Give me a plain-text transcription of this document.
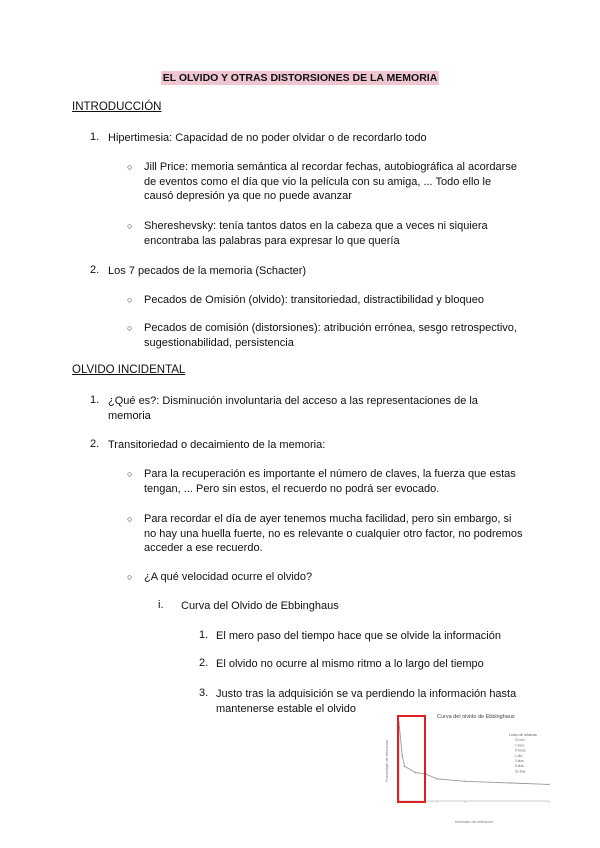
EL OLVIDO Y OTRAS DISTORSIONES DE LA MEMORIA
INTRODUCCIÓN
1. Hipertimesia: Capacidad de no poder olvidar o de recordarlo todo
○ Jill Price: memoria semántica al recordar fechas, autobiográfica al acordarse
de eventos como el día que vio la película con su amiga, ... Todo ello le
causó depresión ya que no puede avanzar
○ Shereshevsky: tenía tantos datos en la cabeza que a veces ni siquiera
encontraba las palabras para expresar lo que quería
2. Los 7 pecados de la memoria (Schacter)
○ Pecados de Omisión (olvido): transitoriedad, distractibilidad y bloqueo
○ Pecados de comisión (distorsiones): atribución errónea, sesgo retrospectivo,
sugestionabilidad, persistencia
OLVIDO INCIDENTAL
1. ¿Qué es?: Disminución involuntaria del acceso a las representaciones de la
memoria
2. Transitoriedad o decaimiento de la memoria:
○ Para la recuperación es importante el número de claves, la fuerza que estas
tengan, ... Pero sin estos, el recuerdo no podrá ser evocado.
○ Para recordar el día de ayer tenemos mucha facilidad, pero sin embargo, si
no hay una huella fuerte, no es relevante o cualquier otro factor, no podremos
acceder a ese recuerdo.
○ ¿A qué velocidad ocurre el olvido?
i. Curva del Olvido de Ebbinghaus
1. El mero paso del tiempo hace que se olvide la información
2. El olvido no ocurre al mismo ritmo a lo largo del tiempo
3. Justo tras la adquisición se va perdiendo la información hasta
mantenerse estable el olvido
Curva del olvido de Ebbinghaus
Porcentaje de retención
Intervalo de retención
Lista de sílabas
20 min
1 hora
9 horas
1 día
2 días
6 días
31 días
